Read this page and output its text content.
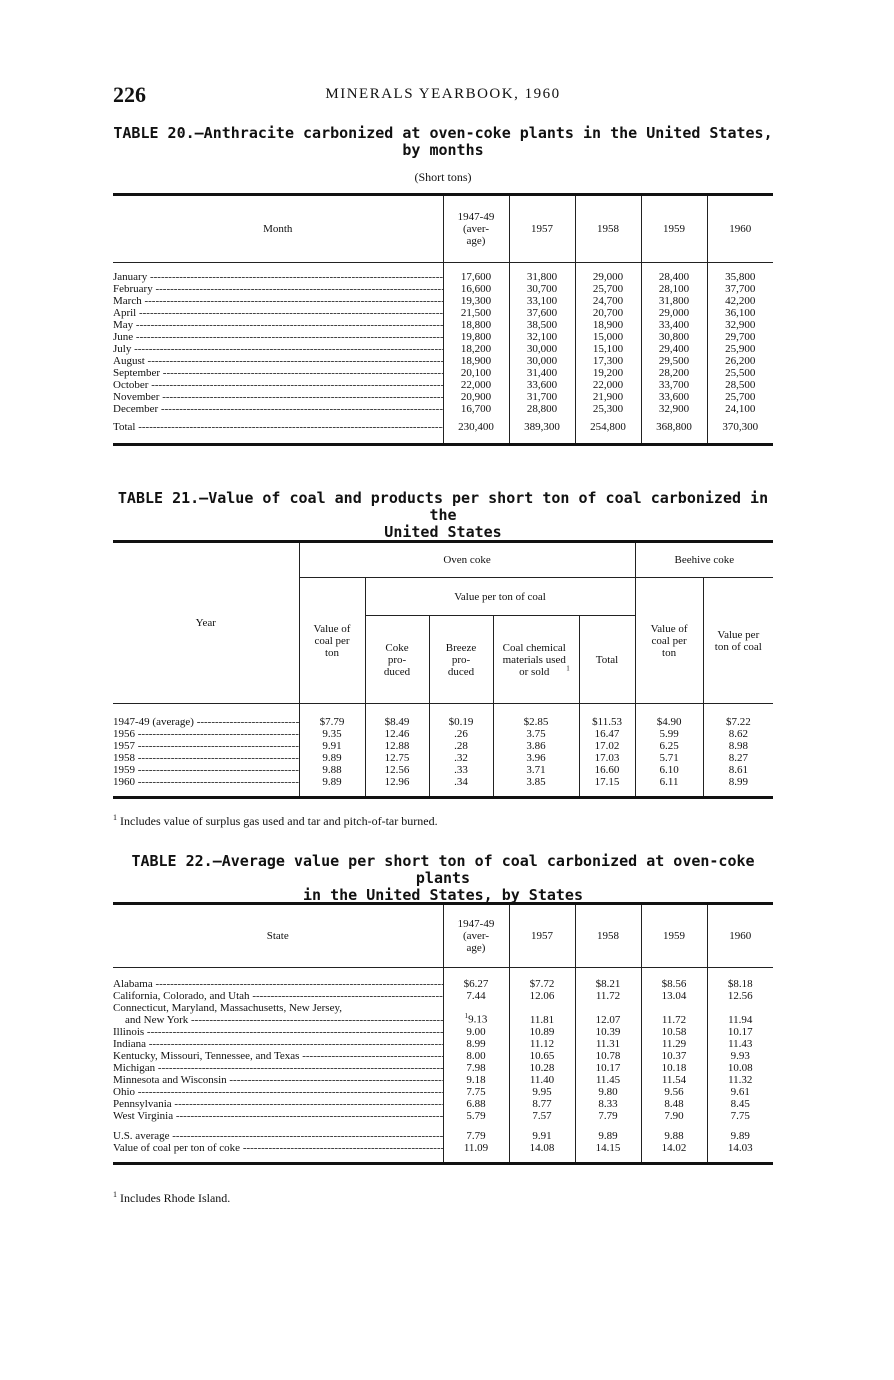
226	MINERALS YEARBOOK, 1960
TABLE 20.—Anthracite carbonized at oven-coke plants in the United States,
by months
(Short tons)
Month	1947-49 (aver-age)	1957	1958	1959	1960

January -----	17,600	31,800	29,000	28,400	35,800

February -----	16,600	30,700	25,700	28,100	37,700

March -----	19,300	33,100	24,700	31,800	42,200

April -----	21,500	37,600	20,700	29,000	36,100

May -----	18,800	38,500	18,900	33,400	32,900

June -----	19,800	32,100	15,000	30,800	29,700

July -----	18,200	30,000	15,100	29,400	25,900

August -----	18,900	30,000	17,300	29,500	26,200

September -----	20,100	31,400	19,200	28,200	25,500

October -----	22,000	33,600	22,000	33,700	28,500

November -----	20,900	31,700	21,900	33,600	25,700

December -----	16,700	28,800	25,300	32,900	24,100

Total -----	230,400	389,300	254,800	368,800	370,300

TABLE 21.—Value of coal and products per short ton of coal carbonized in the
United States
Year	Oven coke					Beehive coke	
	Value of coal per ton	Value per ton of coal				Value of coal per ton	Value per ton of coal
		Coke pro-duced	Breeze pro-duced	Coal chemical materials used or sold $^1$	Total		

1947-49 (average) -----	$7.79	$8.49	$0.19	$2.85	$11.53	$4.90	$7.22

1956 -----	9.35	12.46	.26	3.75	16.47	5.99	8.62

1957 -----	9.91	12.88	.28	3.86	17.02	6.25	8.98

1958 -----	9.89	12.75	.32	3.96	17.03	5.71	8.27

1959 -----	9.88	12.56	.33	3.71	16.60	6.10	8.61

1960 -----	9.89	12.96	.34	3.85	17.15	6.11	8.99

$^1$ Includes value of surplus gas used and tar and pitch-of-tar burned.
TABLE 22.—Average value per short ton of coal carbonized at oven-coke plants
in the United States, by States
State	1947-49 (aver-age)	1957	1958	1959	1960

Alabama -----	$6.27	$7.72	$8.21	$8.56	$8.18

California, Colorado, and Utah -----	7.44	12.06	11.72	13.04	12.56

Connecticut, Maryland, Massachusetts, New Jersey,
and New York -----	$^1$9.13	11.81	12.07	11.72	11.94

Illinois -----	9.00	10.89	10.39	10.58	10.17

Indiana -----	8.99	11.12	11.31	11.29	11.43

Kentucky, Missouri, Tennessee, and Texas -----	8.00	10.65	10.78	10.37	9.93

Michigan -----	7.98	10.28	10.17	10.18	10.08

Minnesota and Wisconsin -----	9.18	11.40	11.45	11.54	11.32

Ohio -----	7.75	9.95	9.80	9.56	9.61

Pennsylvania -----	6.88	8.77	8.33	8.48	8.45

West Virginia -----	5.79	7.57	7.79	7.90	7.75

U.S. average -----	7.79	9.91	9.89	9.88	9.89

Value of coal per ton of coke -----	11.09	14.08	14.15	14.02	14.03

$^1$ Includes Rhode Island.
